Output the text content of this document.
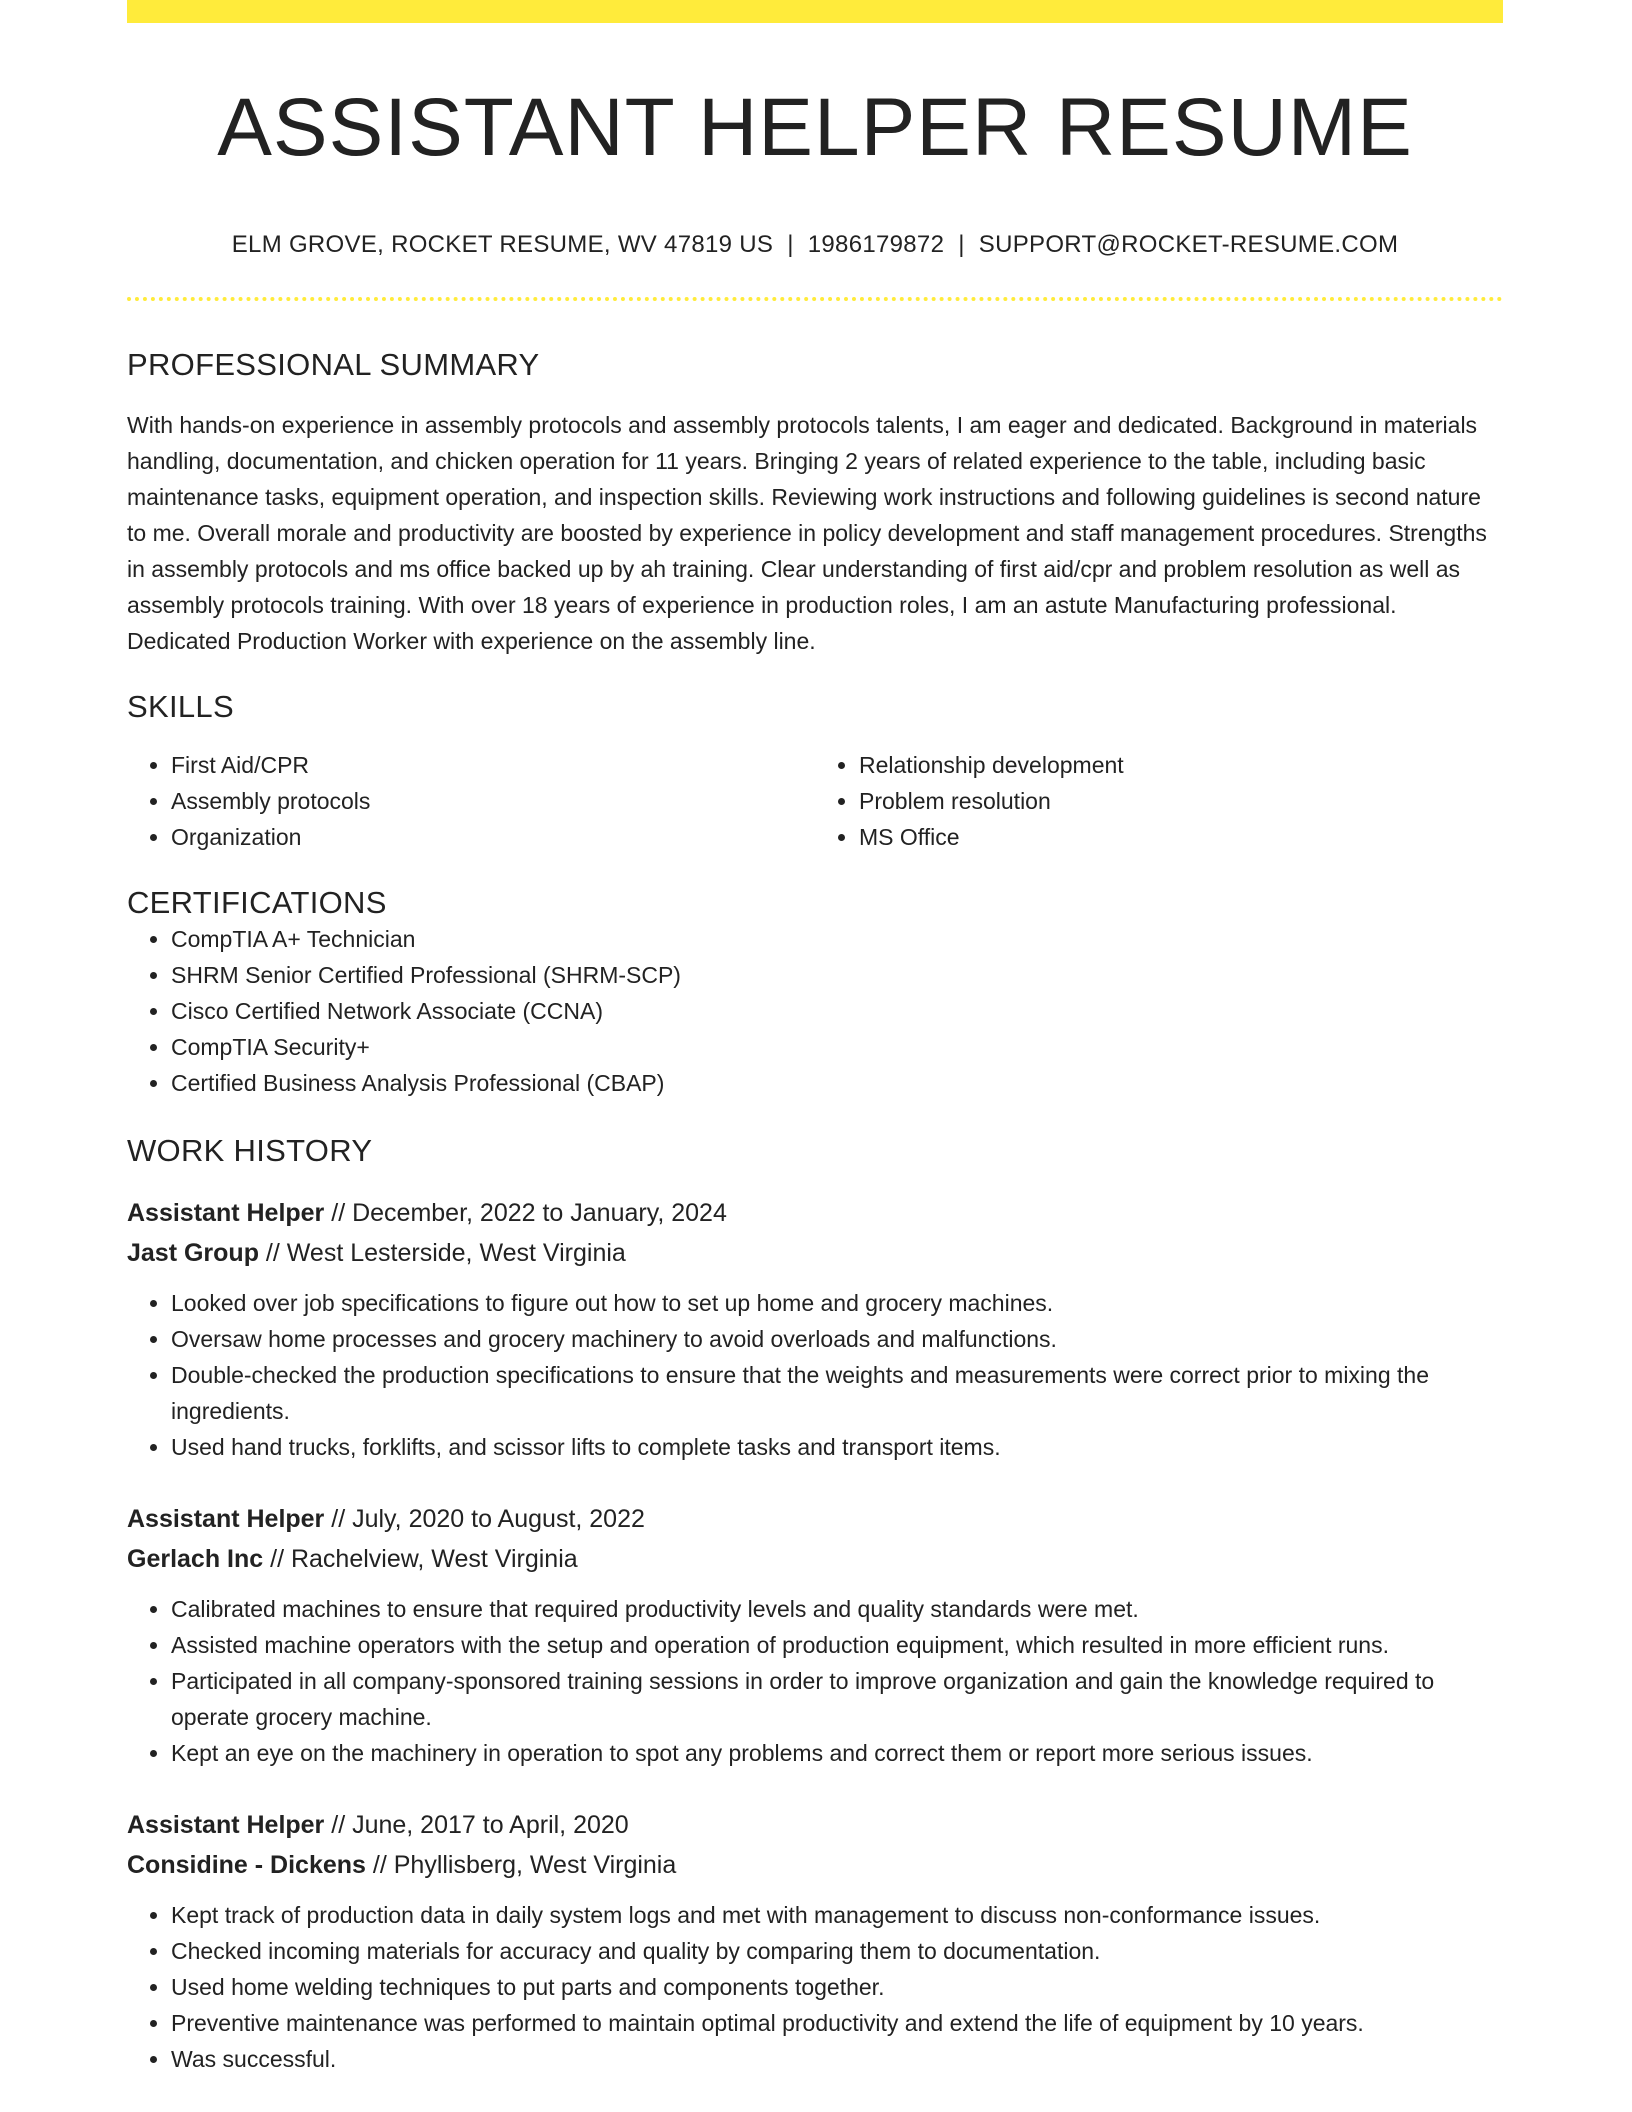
ASSISTANT HELPER RESUME
ELM GROVE, ROCKET RESUME, WV 47819 US | 1986179872 | SUPPORT@ROCKET-RESUME.COM
PROFESSIONAL SUMMARY

With hands-on experience in assembly protocols and assembly protocols talents, I am eager and dedicated. Background in materials handling, documentation, and chicken operation for 11 years. Bringing 2 years of related experience to the table, including basic maintenance tasks, equipment operation, and inspection skills. Reviewing work instructions and following guidelines is second nature to me. Overall morale and productivity are boosted by experience in policy development and staff management procedures. Strengths in assembly protocols and ms office backed up by ah training. Clear understanding of first aid/cpr and problem resolution as well as assembly protocols training. With over 18 years of experience in production roles, I am an astute Manufacturing professional. Dedicated Production Worker with experience on the assembly line.

SKILLS
• First Aid/CPR
• Assembly protocols
• Organization
• Relationship development
• Problem resolution
• MS Office
CERTIFICATIONS
• CompTIA A+ Technician
• SHRM Senior Certified Professional (SHRM-SCP)
• Cisco Certified Network Associate (CCNA)
• CompTIA Security+
• Certified Business Analysis Professional (CBAP)
WORK HISTORY
Assistant Helper // December, 2022 to January, 2024
Jast Group // West Lesterside, West Virginia
• Looked over job specifications to figure out how to set up home and grocery machines.
• Oversaw home processes and grocery machinery to avoid overloads and malfunctions.
• Double-checked the production specifications to ensure that the weights and measurements were correct prior to mixing the ingredients.
• Used hand trucks, forklifts, and scissor lifts to complete tasks and transport items.
Assistant Helper // July, 2020 to August, 2022
Gerlach Inc // Rachelview, West Virginia
• Calibrated machines to ensure that required productivity levels and quality standards were met.
• Assisted machine operators with the setup and operation of production equipment, which resulted in more efficient runs.
• Participated in all company-sponsored training sessions in order to improve organization and gain the knowledge required to operate grocery machine.
• Kept an eye on the machinery in operation to spot any problems and correct them or report more serious issues.
Assistant Helper // June, 2017 to April, 2020
Considine - Dickens // Phyllisberg, West Virginia
• Kept track of production data in daily system logs and met with management to discuss non-conformance issues.
• Checked incoming materials for accuracy and quality by comparing them to documentation.
• Used home welding techniques to put parts and components together.
• Preventive maintenance was performed to maintain optimal productivity and extend the life of equipment by 10 years.
• Was successful.
